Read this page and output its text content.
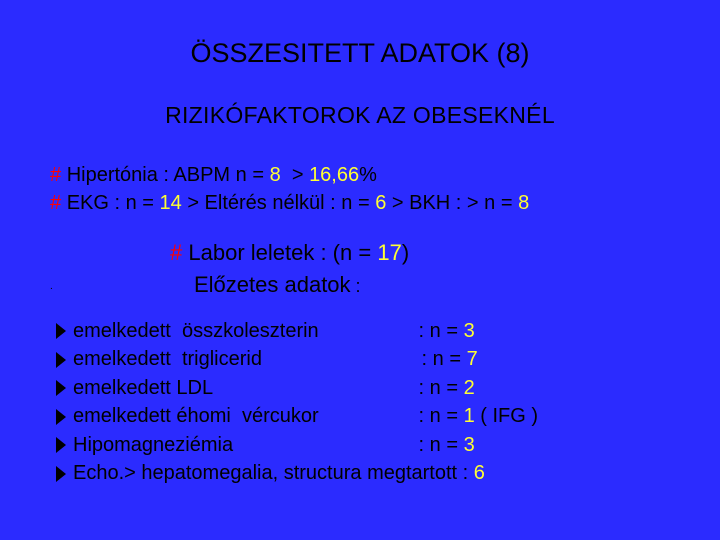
ÖSSZESITETT ADATOK (8)
RIZIKÓFAKTOROK AZ OBESEKNÉL
# Hipertónia : ABPM n = 8  > 16,66%
# EKG : n = 14 > Eltérés nélkül : n = 6 > BKH : > n = 8
# Labor leletek : (n = 17)
.	Előzetes adatok :
emelkedett  összkoleszterin	: n = 3
emelkedett  triglicerid	: n = 7
emelkedett LDL	: n = 2
emelkedett éhomi  vércukor	: n = 1 ( IFG )
Hipomagneziémia	: n = 3
Echo.> hepatomegalia, structura megtartott : 6
